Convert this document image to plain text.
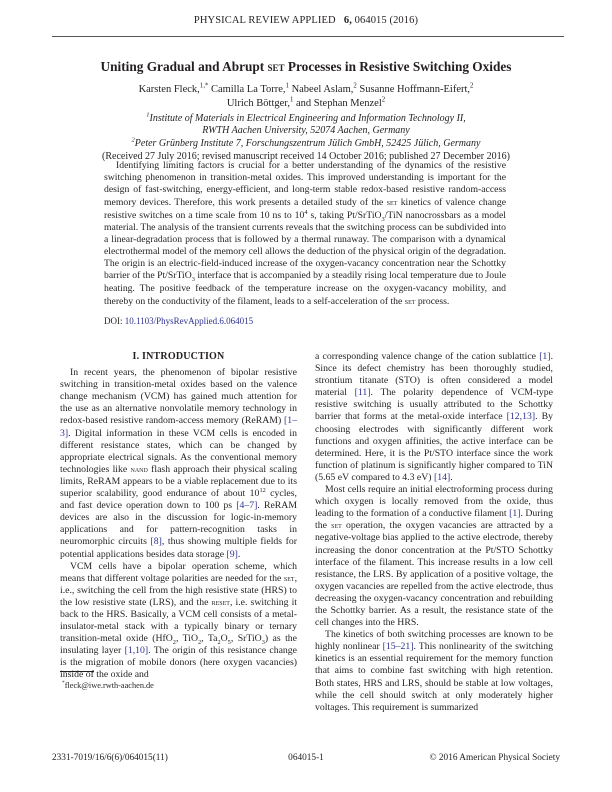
PHYSICAL REVIEW APPLIED 6, 064015 (2016)
Uniting Gradual and Abrupt set Processes in Resistive Switching Oxides
Karsten Fleck,$^{1,*}$ Camilla La Torre,$^1$ Nabeel Aslam,$^2$ Susanne Hoffmann-Eifert,$^2$
Ulrich Böttger,$^1$ and Stephan Menzel$^2$
$^1$Institute of Materials in Electrical Engineering and Information Technology II,
RWTH Aachen University, 52074 Aachen, Germany
$^2$Peter Grünberg Institute 7, Forschungszentrum Jülich GmbH, 52425 Jülich, Germany
(Received 27 July 2016; revised manuscript received 14 October 2016; published 27 December 2016)
Identifying limiting factors is crucial for a better understanding of the dynamics of the resistive switching phenomenon in transition-metal oxides. This improved understanding is important for the design of fast-switching, energy-efficient, and long-term stable redox-based resistive random-access memory devices. Therefore, this work presents a detailed study of the set kinetics of valence change resistive switches on a time scale from 10 ns to $10^4$ s, taking Pt/SrTiO$_3$/TiN nanocrossbars as a model material. The analysis of the transient currents reveals that the switching process can be subdivided into a linear-degradation process that is followed by a thermal runaway. The comparison with a dynamical electrothermal model of the memory cell allows the deduction of the physical origin of the degradation. The origin is an electric-field-induced increase of the oxygen-vacancy concentration near the Schottky barrier of the Pt/SrTiO$_3$ interface that is accompanied by a steadily rising local temperature due to Joule heating. The positive feedback of the temperature increase on the oxygen-vacancy mobility, and thereby on the conductivity of the filament, leads to a self-acceleration of the set process.
DOI: 10.1103/PhysRevApplied.6.064015
I. INTRODUCTION

In recent years, the phenomenon of bipolar resistive switching in transition-metal oxides based on the valence change mechanism (VCM) has gained much attention for the use as an alternative nonvolatile memory technology in redox-based resistive random-access memory (ReRAM) [1–3]. Digital information in these VCM cells is encoded in different resistance states, which can be changed by appropriate electrical signals. As the conventional memory technologies like nand flash approach their physical scaling limits, ReRAM appears to be a viable replacement due to its superior scalability, good endurance of about $10^{12}$ cycles, and fast device operation down to 100 ps [4–7]. ReRAM devices are also in the discussion for logic-in-memory applications and for pattern-recognition tasks in neuromorphic circuits [8], thus showing multiple fields for potential applications besides data storage [9].

VCM cells have a bipolar operation scheme, which means that different voltage polarities are needed for the set, i.e., switching the cell from the high resistive state (HRS) to the low resistive state (LRS), and the reset, i.e. switching it back to the HRS. Basically, a VCM cell consists of a metal-insulator-metal stack with a typically binary or ternary transition-metal oxide (HfO$_2$, TiO$_2$, $Ta_2O_5$, SrTiO$_3$) as the insulating layer [1,10]. The origin of this resistance change is the migration of mobile donors (here oxygen vacancies) inside of the oxide and

a corresponding valence change of the cation sublattice [1]. Since its defect chemistry has been thoroughly studied, strontium titanate (STO) is often considered a model material [11]. The polarity dependence of VCM-type resistive switching is usually attributed to the Schottky barrier that forms at the metal-oxide interface [12,13]. By choosing electrodes with significantly different work functions and oxygen affinities, the active interface can be determined. Here, it is the Pt/STO interface since the work function of platinum is significantly higher compared to TiN (5.65 eV compared to 4.3 eV) [14].

Most cells require an initial electroforming process during which oxygen is locally removed from the oxide, thus leading to the formation of a conductive filament [1]. During the set operation, the oxygen vacancies are attracted by a negative-voltage bias applied to the active electrode, thereby increasing the donor concentration at the Pt/STO Schottky interface of the filament. This increase results in a low cell resistance, the LRS. By application of a positive voltage, the oxygen vacancies are repelled from the active electrode, thus decreasing the oxygen-vacancy concentration and rebuilding the Schottky barrier. As a result, the resistance state of the cell changes into the HRS.

The kinetics of both switching processes are known to be highly nonlinear [15–21]. This nonlinearity of the switching kinetics is an essential requirement for the memory function that aims to combine fast switching with high retention. Both states, HRS and LRS, should be stable at low voltages, while the cell should switch at only moderately higher voltages. This requirement is summarized

*fleck@iwe.rwth-aachen.de
2331-7019/16/6(6)/064015(11)	064015-1	© 2016 American Physical Society
